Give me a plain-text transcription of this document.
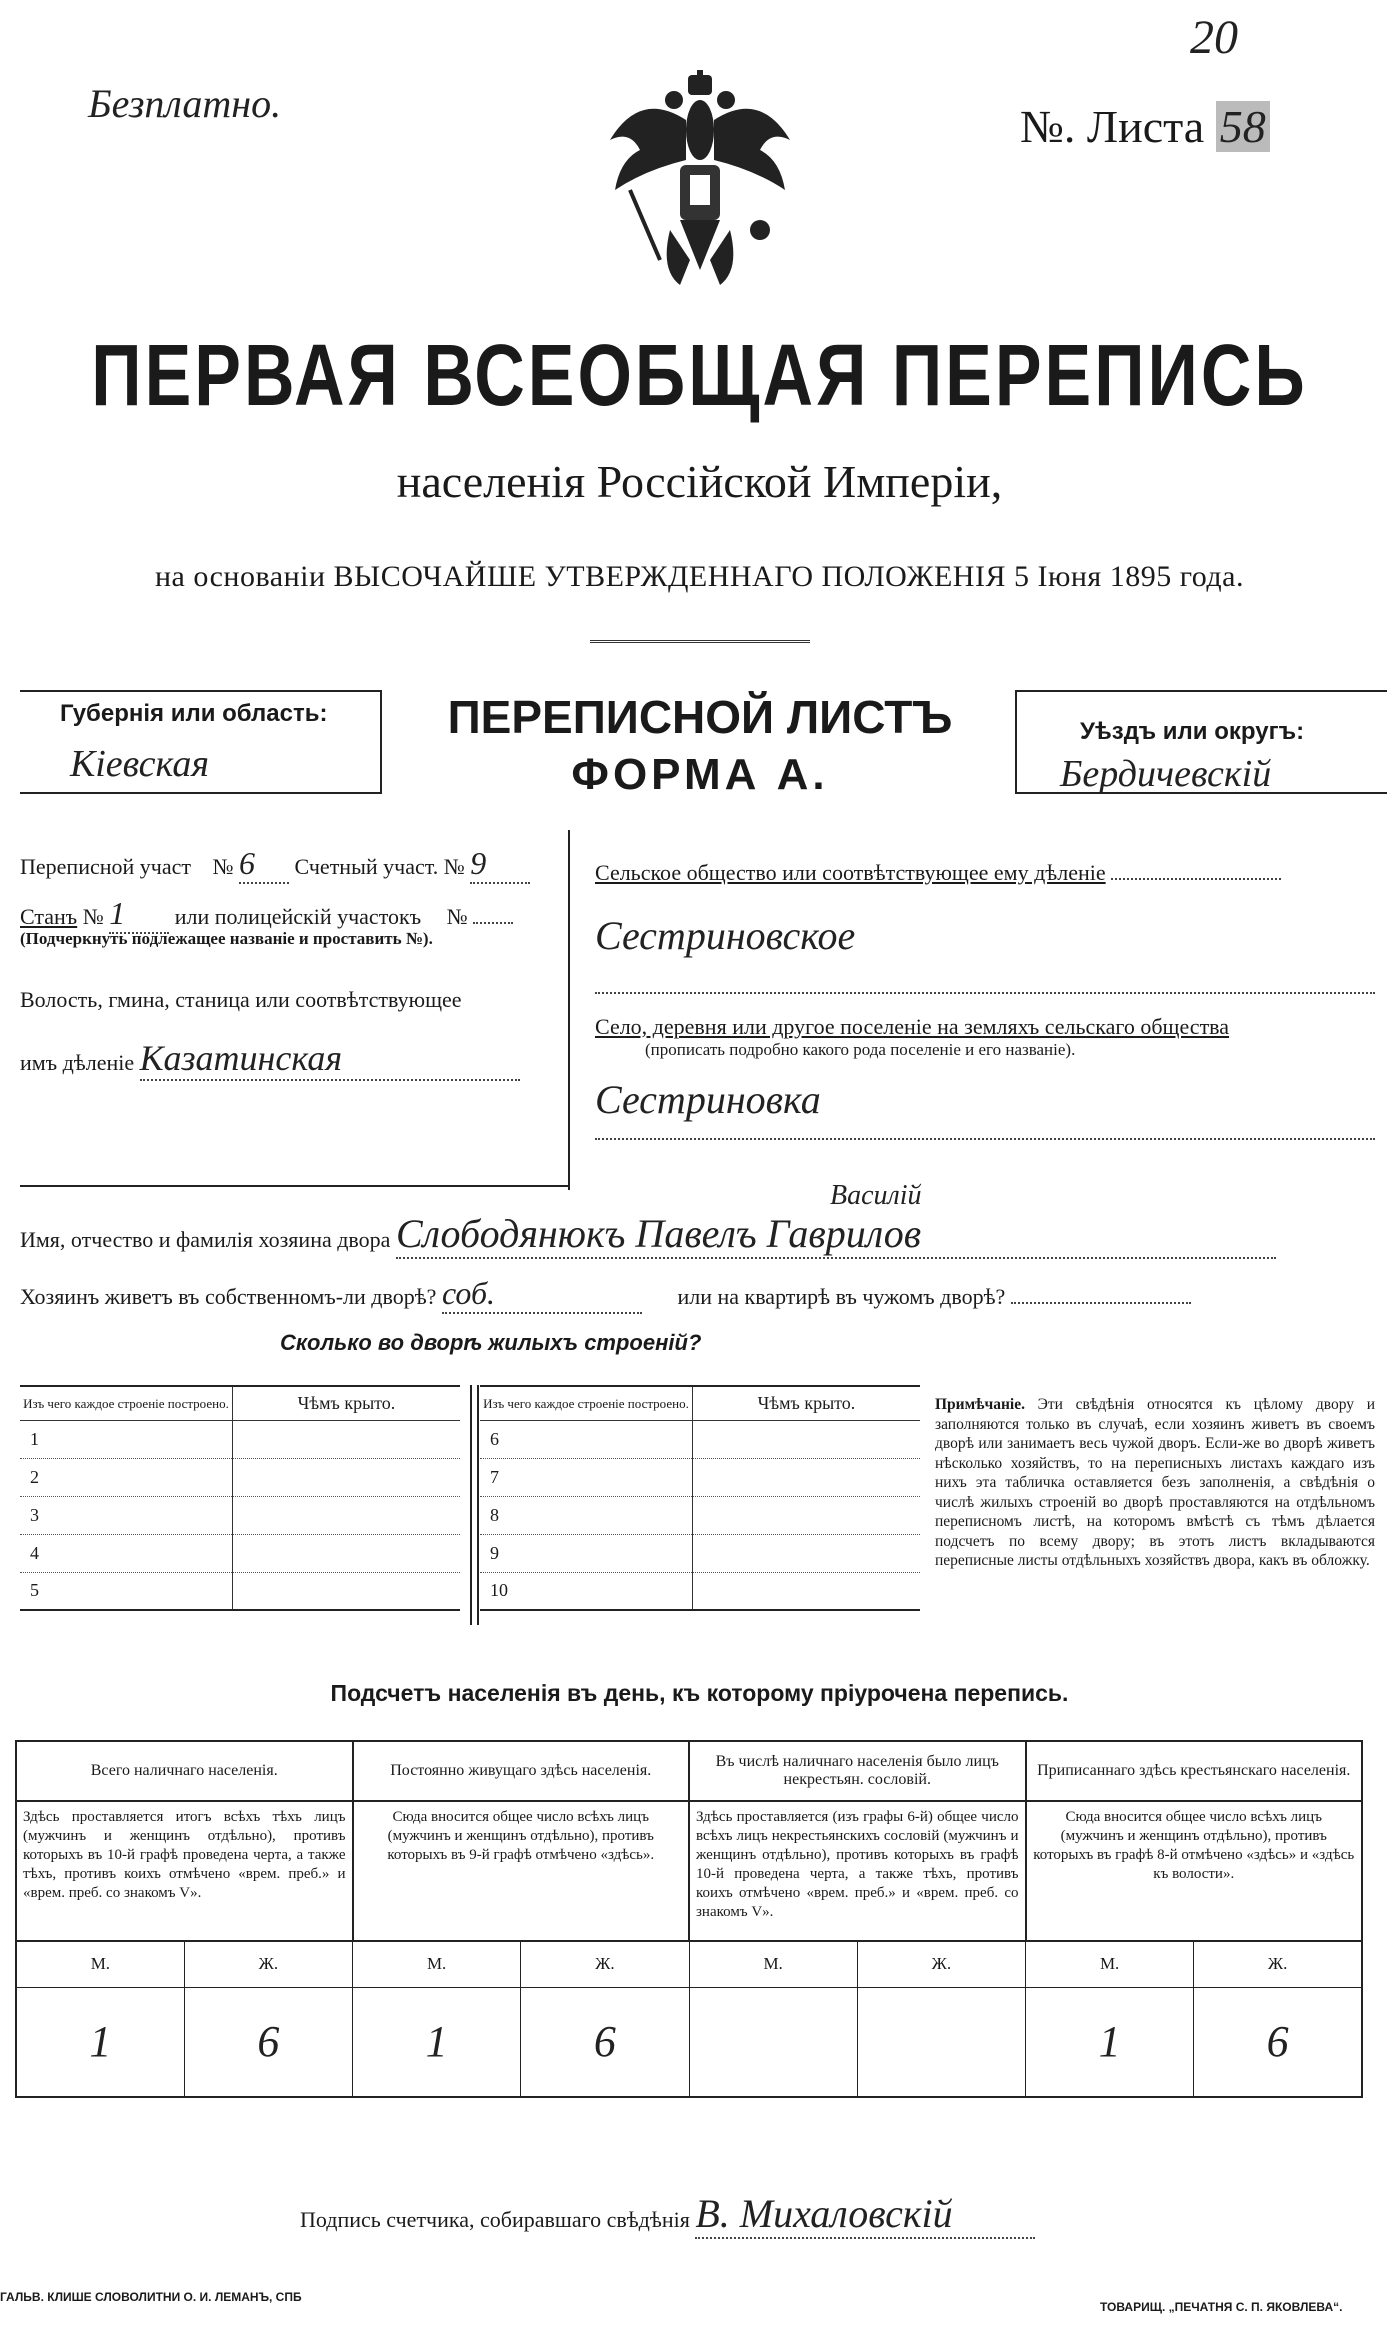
Безплатно.
20
№. Листа 58
ПЕРВАЯ ВСЕОБЩАЯ ПЕРЕПИСЬ
населенія Россійской Имперіи,
на основаніи ВЫСОЧАЙШЕ УТВЕРЖДЕННАГО ПОЛОЖЕНІЯ 5 Іюня 1895 года.
Губернія или область:
Кіевская
ПЕРЕПИСНОЙ ЛИСТЪ
ФОРМА А.
Уѣздъ или округъ:
Бердичевскій
Переписной участ № 6 Счетный участ. № 9
Станъ № 1 или полицейскій участокъ №
(Подчеркнуть подлежащее названіе и проставить №).
Волость, гмина, станица или соотвѣтствующее
имъ дѣленіе Казатинская
Сельское общество или соотвѣтствующее ему дѣленіе
Сестриновское
Село, деревня или другое поселеніе на земляхъ сельскаго общества
(прописать подробно какого рода поселеніе и его названіе).
Сестриновка
Василій
Имя, отчество и фамилія хозяина двора Слободянюкъ Павелъ Гаврилов
Хозяинъ живетъ въ собственномъ-ли дворѣ? соб.	или на квартирѣ въ чужомъ дворѣ?
Сколько во дворѣ жилыхъ строеній?
Изъ чего каждое строеніе построено.	Чѣмъ крыто.
1	
2	
3	
4	
5	
Изъ чего каждое строеніе построено.	Чѣмъ крыто.
6	
7	
8	
9	
10	
Примѣчаніе. Эти свѣдѣнія относятся къ цѣлому двору и заполняются только въ случаѣ, если хозяинъ живетъ въ своемъ дворѣ или занимаетъ весь чужой дворъ. Если-же во дворѣ живетъ нѣсколько хозяйствъ, то на переписныхъ листахъ каждаго изъ нихъ эта табличка оставляется безъ заполненія, а свѣдѣнія о числѣ жилыхъ строеній во дворѣ проставляются на отдѣльномъ переписномъ листѣ, на которомъ вмѣстѣ съ тѣмъ дѣлается подсчетъ по всему двору; въ этотъ листъ вкладываются переписные листы отдѣльныхъ хозяйствъ двора, какъ въ обложку.
Подсчетъ населенія въ день, къ которому пріурочена перепись.
Всего наличнаго населенія.		Постоянно живущаго здѣсь населенія.		Въ числѣ наличнаго населенія было лицъ некрестьян. сословій.		Приписаннаго здѣсь крестьянскаго населенія.	
Здѣсь проставляется итогъ всѣхъ тѣхъ лицъ (мужчинъ и женщинъ отдѣльно), противъ которыхъ въ 10-й графѣ проведена черта, а также тѣхъ, противъ коихъ отмѣчено «врем. преб.» и «врем. преб. со знакомъ V».		Сюда вносится общее число всѣхъ лицъ (мужчинъ и женщинъ отдѣльно), противъ которыхъ въ 9-й графѣ отмѣчено «здѣсь».		Здѣсь проставляется (изъ графы 6-й) общее число всѣхъ лицъ некрестьянскихъ сословій (мужчинъ и женщинъ отдѣльно), противъ которыхъ въ графѣ 10-й проведена черта, а также тѣхъ, противъ коихъ отмѣчено «врем. преб.» и «врем. преб. со знакомъ V».		Сюда вносится общее число всѣхъ лицъ (мужчинъ и женщинъ отдѣльно), противъ которыхъ въ графѣ 8-й отмѣчено «здѣсь» и «здѣсь къ волости».	
М.	Ж.	М.	Ж.	М.	Ж.	М.	Ж.
1	6	1	6			1	6
Подпись счетчика, собиравшаго свѣдѣнія В. Михаловскій
ГАЛЬВ. КЛИШЕ СЛОВОЛИТНИ О. И. ЛЕМАНЪ, СПБ
ТОВАРИЩ. „ПЕЧАТНЯ С. П. ЯКОВЛЕВА“.
